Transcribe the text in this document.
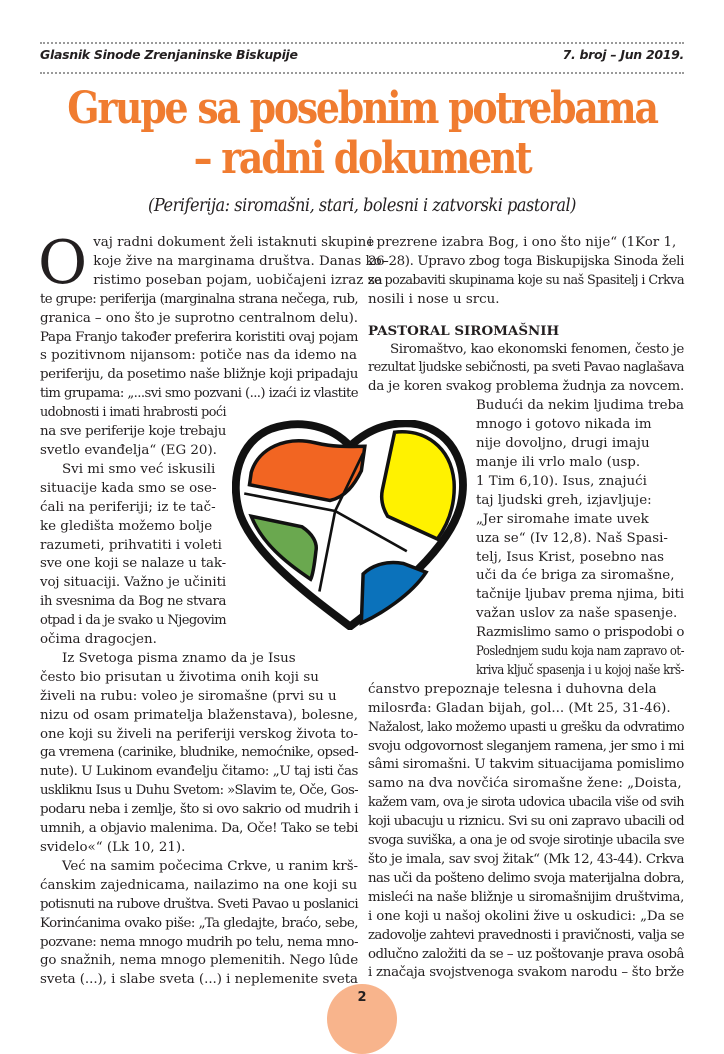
Glasnik Sinode Zrenjaninske Biskupije	7. broj – Jun 2019.
Grupe sa posebnim potrebama
– radni dokument
(Periferija: siromašni, stari, bolesni i zatvorski pastoral)
O vaj radni dokument želi istaknuti skupine
koje žive na marginama društva. Danas ko-
ristimo poseban pojam, uobičajeni izraz za
te grupe: periferija (marginalna strana nečega, rub,
granica – ono što je suprotno centralnom delu).
Papa Franjo također preferira koristiti ovaj pojam
s pozitivnom nijansom: potiče nas da idemo na
periferiju, da posetimo naše bližnje koji pripadaju
tim grupama: „...svi smo pozvani (...) izaći iz vlastite
udobnosti i imati hrabrosti poći
na sve periferije koje trebaju
svetlo evanđelja“ (EG 20).
Svi mi smo već iskusili
situacije kada smo se ose-
ćali na periferiji; iz te tač-
ke gledišta možemo bolje
razumeti, prihvatiti i voleti
sve one koji se nalaze u tak-
voj situaciji. Važno je učiniti
ih svesnima da Bog ne stvara
otpad i da je svako u Njegovim
očima dragocjen.
Iz Svetoga pisma znamo da je Isus
često bio prisutan u životima onih koji su
živeli na rubu: voleo je siromašne (prvi su u
nizu od osam primatelja blaženstava), bolesne,
one koji su živeli na periferiji verskog života to-
ga vremena (carinike, bludnike, nemoćnike, opsed-
nute). U Lukinom evanđelju čitamo: „U taj isti čas
uskliknu Isus u Duhu Svetom: »Slavim te, Oče, Gos-
podaru neba i zemlje, što si ovo sakrio od mudrih i
umnih, a objavio malenima. Da, Oče! Tako se tebi
svidelo«“ (Lk 10, 21).
Već na samim počecima Crkve, u ranim krš-
ćanskim zajednicama, nailazimo na one koji su
potisnuti na rubove društva. Sveti Pavao u poslanici
Korinćanima ovako piše: „Ta gledajte, braćo, sebe,
pozvane: nema mnogo mudrih po telu, nema mno-
go snažnih, nema mnogo plemenitih. Nego lûde
sveta (...), i slabe sveta (...) i neplemenite sveta
i prezrene izabra Bog, i ono što nije“ (1Kor 1,
26-28). Upravo zbog toga Biskupijska Sinoda želi
se pozabaviti skupinama koje su naš Spasitelj i Crkva
nosili i nose u srcu.
PASTORAL SIROMAŠNIH
Siromaštvo, kao ekonomski fenomen, često je
rezultat ljudske sebičnosti, pa sveti Pavao naglašava
da je koren svakog problema žudnja za novcem.
Budući da nekim ljudima treba
mnogo i gotovo nikada im
nije dovoljno, drugi imaju
manje ili vrlo malo (usp.
1 Tim 6,10). Isus, znajući
taj ljudski greh, izjavljuje:
„Jer siromahe imate uvek
uza se“ (Iv 12,8). Naš Spasi-
telj, Isus Krist, posebno nas
uči da će briga za siromašne,
tačnije ljubav prema njima, biti
važan uslov za naše spasenje.
Razmislimo samo o prispodobi o
Poslednjem sudu koja nam zapravo ot-
kriva ključ spasenja i u kojoj naše krš-
ćanstvo prepoznaje telesna i duhovna dela
milosrđa: Gladan bijah, gol... (Mt 25, 31-46).
Nažalost, lako možemo upasti u grešku da odvratimo
svoju odgovornost sleganjem ramena, jer smo i mi
sâmi siromašni. U takvim situacijama pomislimo
samo na dva novčića siromašne žene: „Doista,
kažem vam, ova je sirota udovica ubacila više od svih
koji ubacuju u riznicu. Svi su oni zapravo ubacili od
svoga suviška, a ona je od svoje sirotinje ubacila sve
što je imala, sav svoj žitak“ (Mk 12, 43-44). Crkva
nas uči da pošteno delimo svoja materijalna dobra,
misleći na naše bližnje u siromašnijim društvima,
i one koji u našoj okolini žive u oskudici: „Da se
zadovolje zahtevi pravednosti i pravičnosti, valja se
odlučno založiti da se – uz poštovanje prava osobâ
i značaja svojstvenoga svakom narodu – što brže
2
